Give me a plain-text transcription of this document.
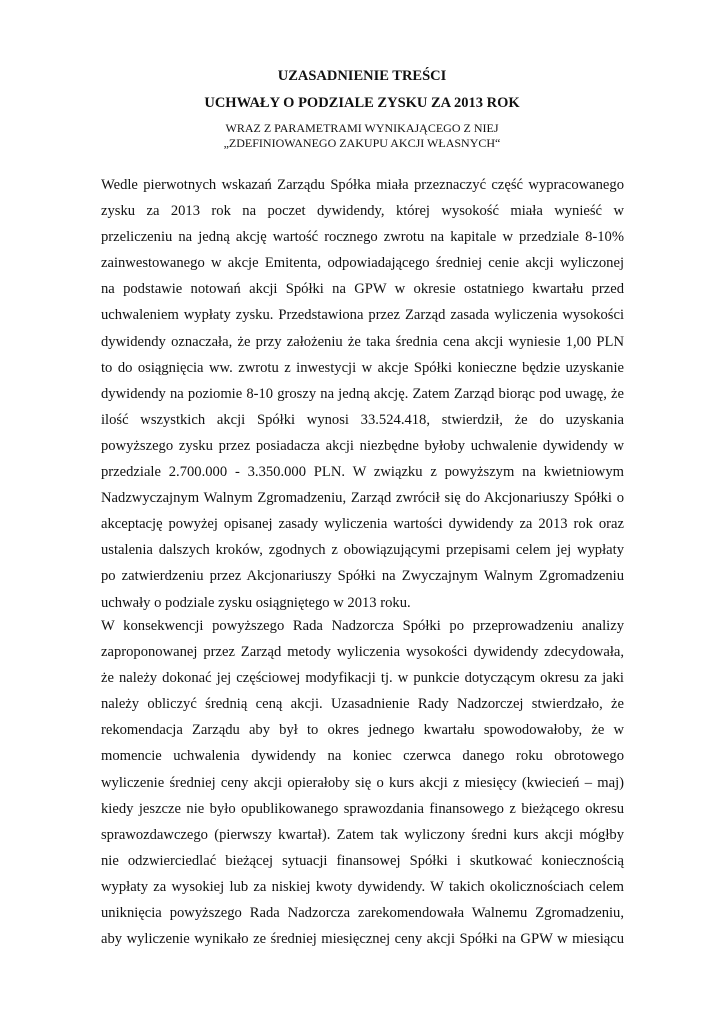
UZASADNIENIE TREŚCI
UCHWAŁY O PODZIALE ZYSKU ZA 2013 ROK
WRAZ Z PARAMETRAMI WYNIKAJĄCEGO Z NIEJ
„ZDEFINIOWANEGO ZAKUPU AKCJI WŁASNYCH“
Wedle pierwotnych wskazań Zarządu Spółka miała przeznaczyć część wypracowanego
zysku za 2013 rok na poczet dywidendy, której wysokość miała wynieść w
przeliczeniu na jedną akcję wartość rocznego zwrotu na kapitale w przedziale 8-10%
zainwestowanego w akcje Emitenta, odpowiadającego średniej cenie akcji wyliczonej
na podstawie notowań akcji Spółki na GPW w okresie ostatniego kwartału przed
uchwaleniem wypłaty zysku. Przedstawiona przez Zarząd zasada wyliczenia wysokości
dywidendy oznaczała, że przy założeniu że taka średnia cena akcji wyniesie 1,00 PLN
to do osiągnięcia ww. zwrotu z inwestycji w akcje Spółki konieczne będzie uzyskanie
dywidendy na poziomie 8-10 groszy na jedną akcję. Zatem Zarząd biorąc pod uwagę, że
ilość wszystkich akcji Spółki wynosi 33.524.418, stwierdził, że do uzyskania
powyższego zysku przez posiadacza akcji niezbędne byłoby uchwalenie dywidendy w
przedziale 2.700.000 - 3.350.000 PLN. W związku z powyższym na kwietniowym
Nadzwyczajnym Walnym Zgromadzeniu, Zarząd zwrócił się do Akcjonariuszy Spółki o
akceptację powyżej opisanej zasady wyliczenia wartości dywidendy za 2013 rok oraz
ustalenia dalszych kroków, zgodnych z obowiązującymi przepisami celem jej wypłaty
po zatwierdzeniu przez Akcjonariuszy Spółki na Zwyczajnym Walnym Zgromadzeniu
uchwały o podziale zysku osiągniętego w 2013 roku.
W konsekwencji powyższego Rada Nadzorcza Spółki po przeprowadzeniu analizy
zaproponowanej przez Zarząd metody wyliczenia wysokości dywidendy zdecydowała,
że należy dokonać jej częściowej modyfikacji tj. w punkcie dotyczącym okresu za jaki
należy obliczyć średnią ceną akcji. Uzasadnienie Rady Nadzorczej stwierdzało, że
rekomendacja Zarządu aby był to okres jednego kwartału spowodowałoby, że w
momencie uchwalenia dywidendy na koniec czerwca danego roku obrotowego
wyliczenie średniej ceny akcji opierałoby się o kurs akcji z miesięcy (kwiecień – maj)
kiedy jeszcze nie było opublikowanego sprawozdania finansowego z bieżącego okresu
sprawozdawczego (pierwszy kwartał). Zatem tak wyliczony średni kurs akcji mógłby
nie odzwierciedlać bieżącej sytuacji finansowej Spółki i skutkować koniecznością
wypłaty za wysokiej lub za niskiej kwoty dywidendy. W takich okolicznościach celem
uniknięcia powyższego Rada Nadzorcza zarekomendowała Walnemu Zgromadzeniu,
aby wyliczenie wynikało ze średniej miesięcznej ceny akcji Spółki na GPW w miesiącu
